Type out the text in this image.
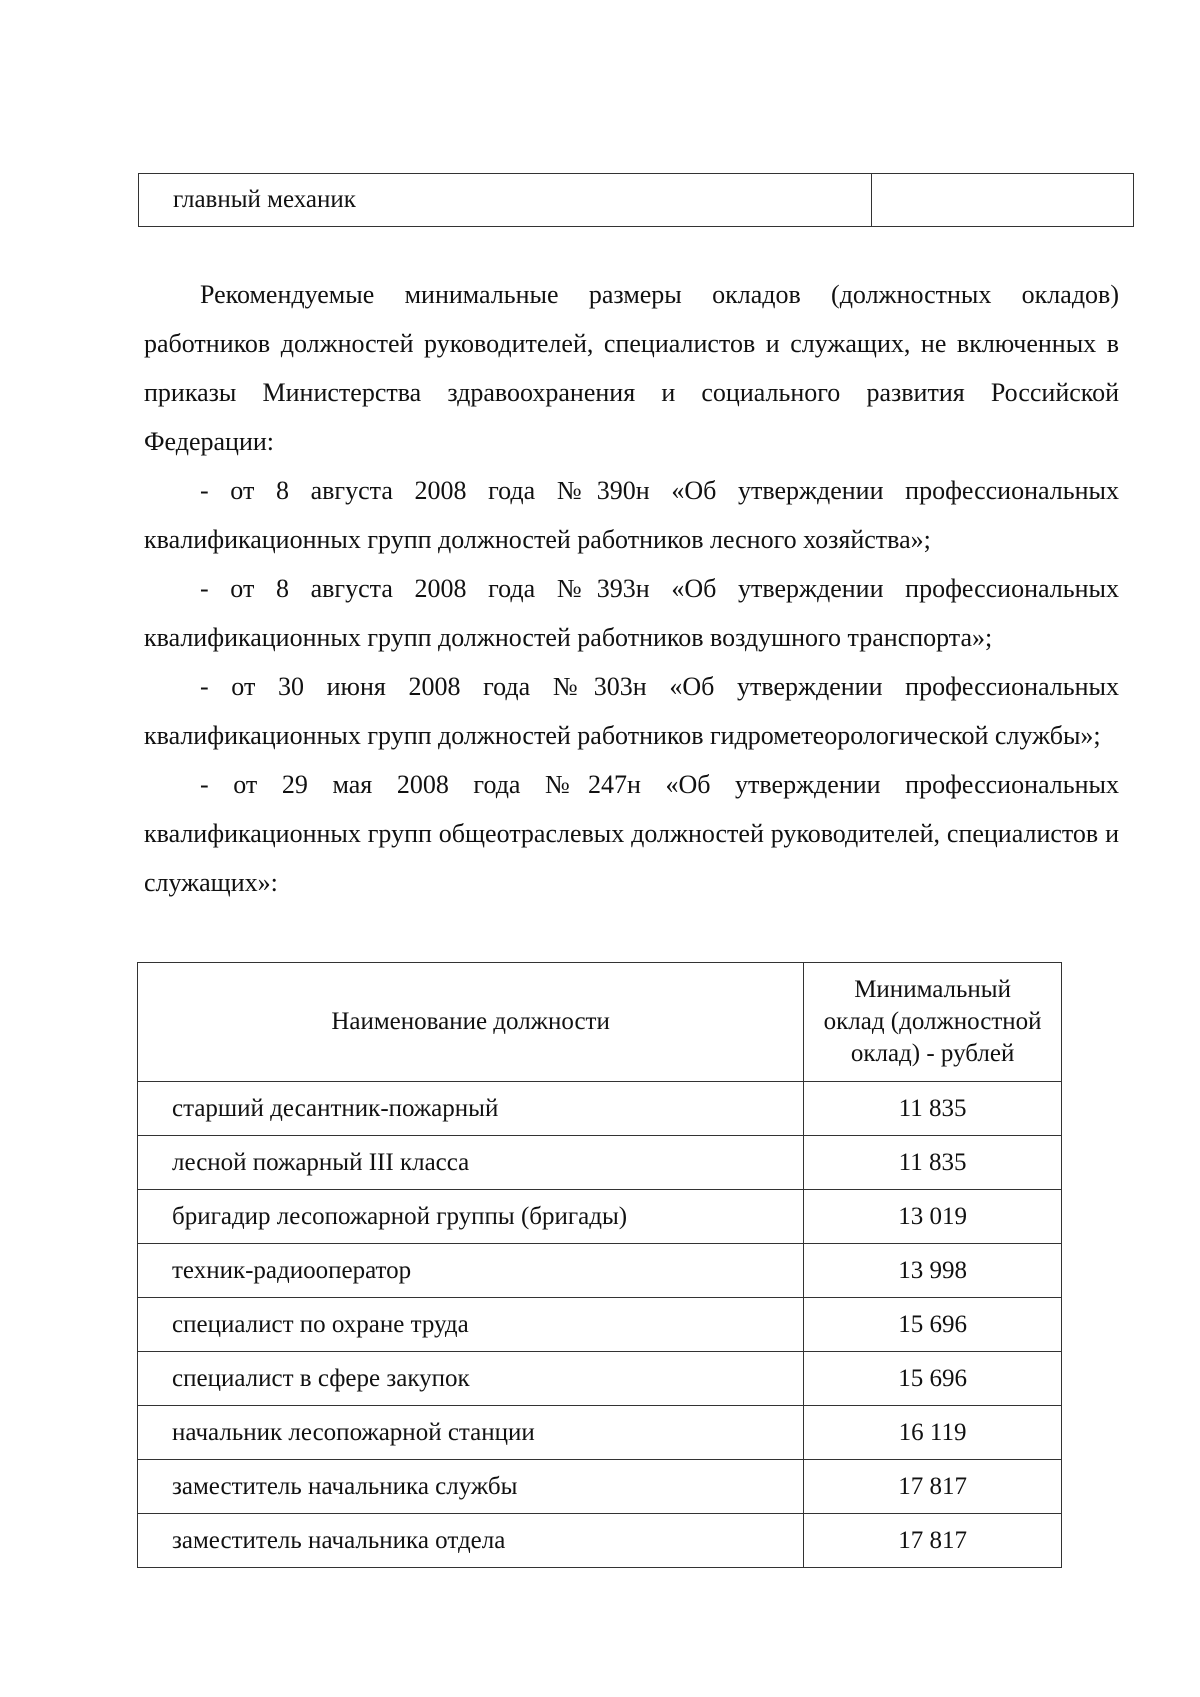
главный механик	

Рекомендуемые минимальные размеры окладов (должностных окладов) работников должностей руководителей, специалистов и служащих, не включенных в приказы Министерства здравоохранения и социального развития Российской Федерации:

- от 8 августа 2008 года №390н «Об утверждении профессиональных квалификационных групп должностей работников лесного хозяйства»;

- от 8 августа 2008 года №393н «Об утверждении профессиональных квалификационных групп должностей работников воздушного транспорта»;

- от 30 июня 2008 года №303н «Об утверждении профессиональных квалификационных групп должностей работников гидрометеорологической службы»;

- от 29 мая 2008 года №247н «Об утверждении профессиональных квалификационных групп общеотраслевых должностей руководителей, специалистов и служащих»:

Наименование должности	Минимальный
оклад (должностной
оклад) - рублей
старший десантник-пожарный	11 835
лесной пожарный III класса	11 835
бригадир лесопожарной группы (бригады)	13 019
техник-радиооператор	13 998
специалист по охране труда	15 696
специалист в сфере закупок	15 696
начальник лесопожарной станции	16 119
заместитель начальника службы	17 817
заместитель начальника отдела	17 817
